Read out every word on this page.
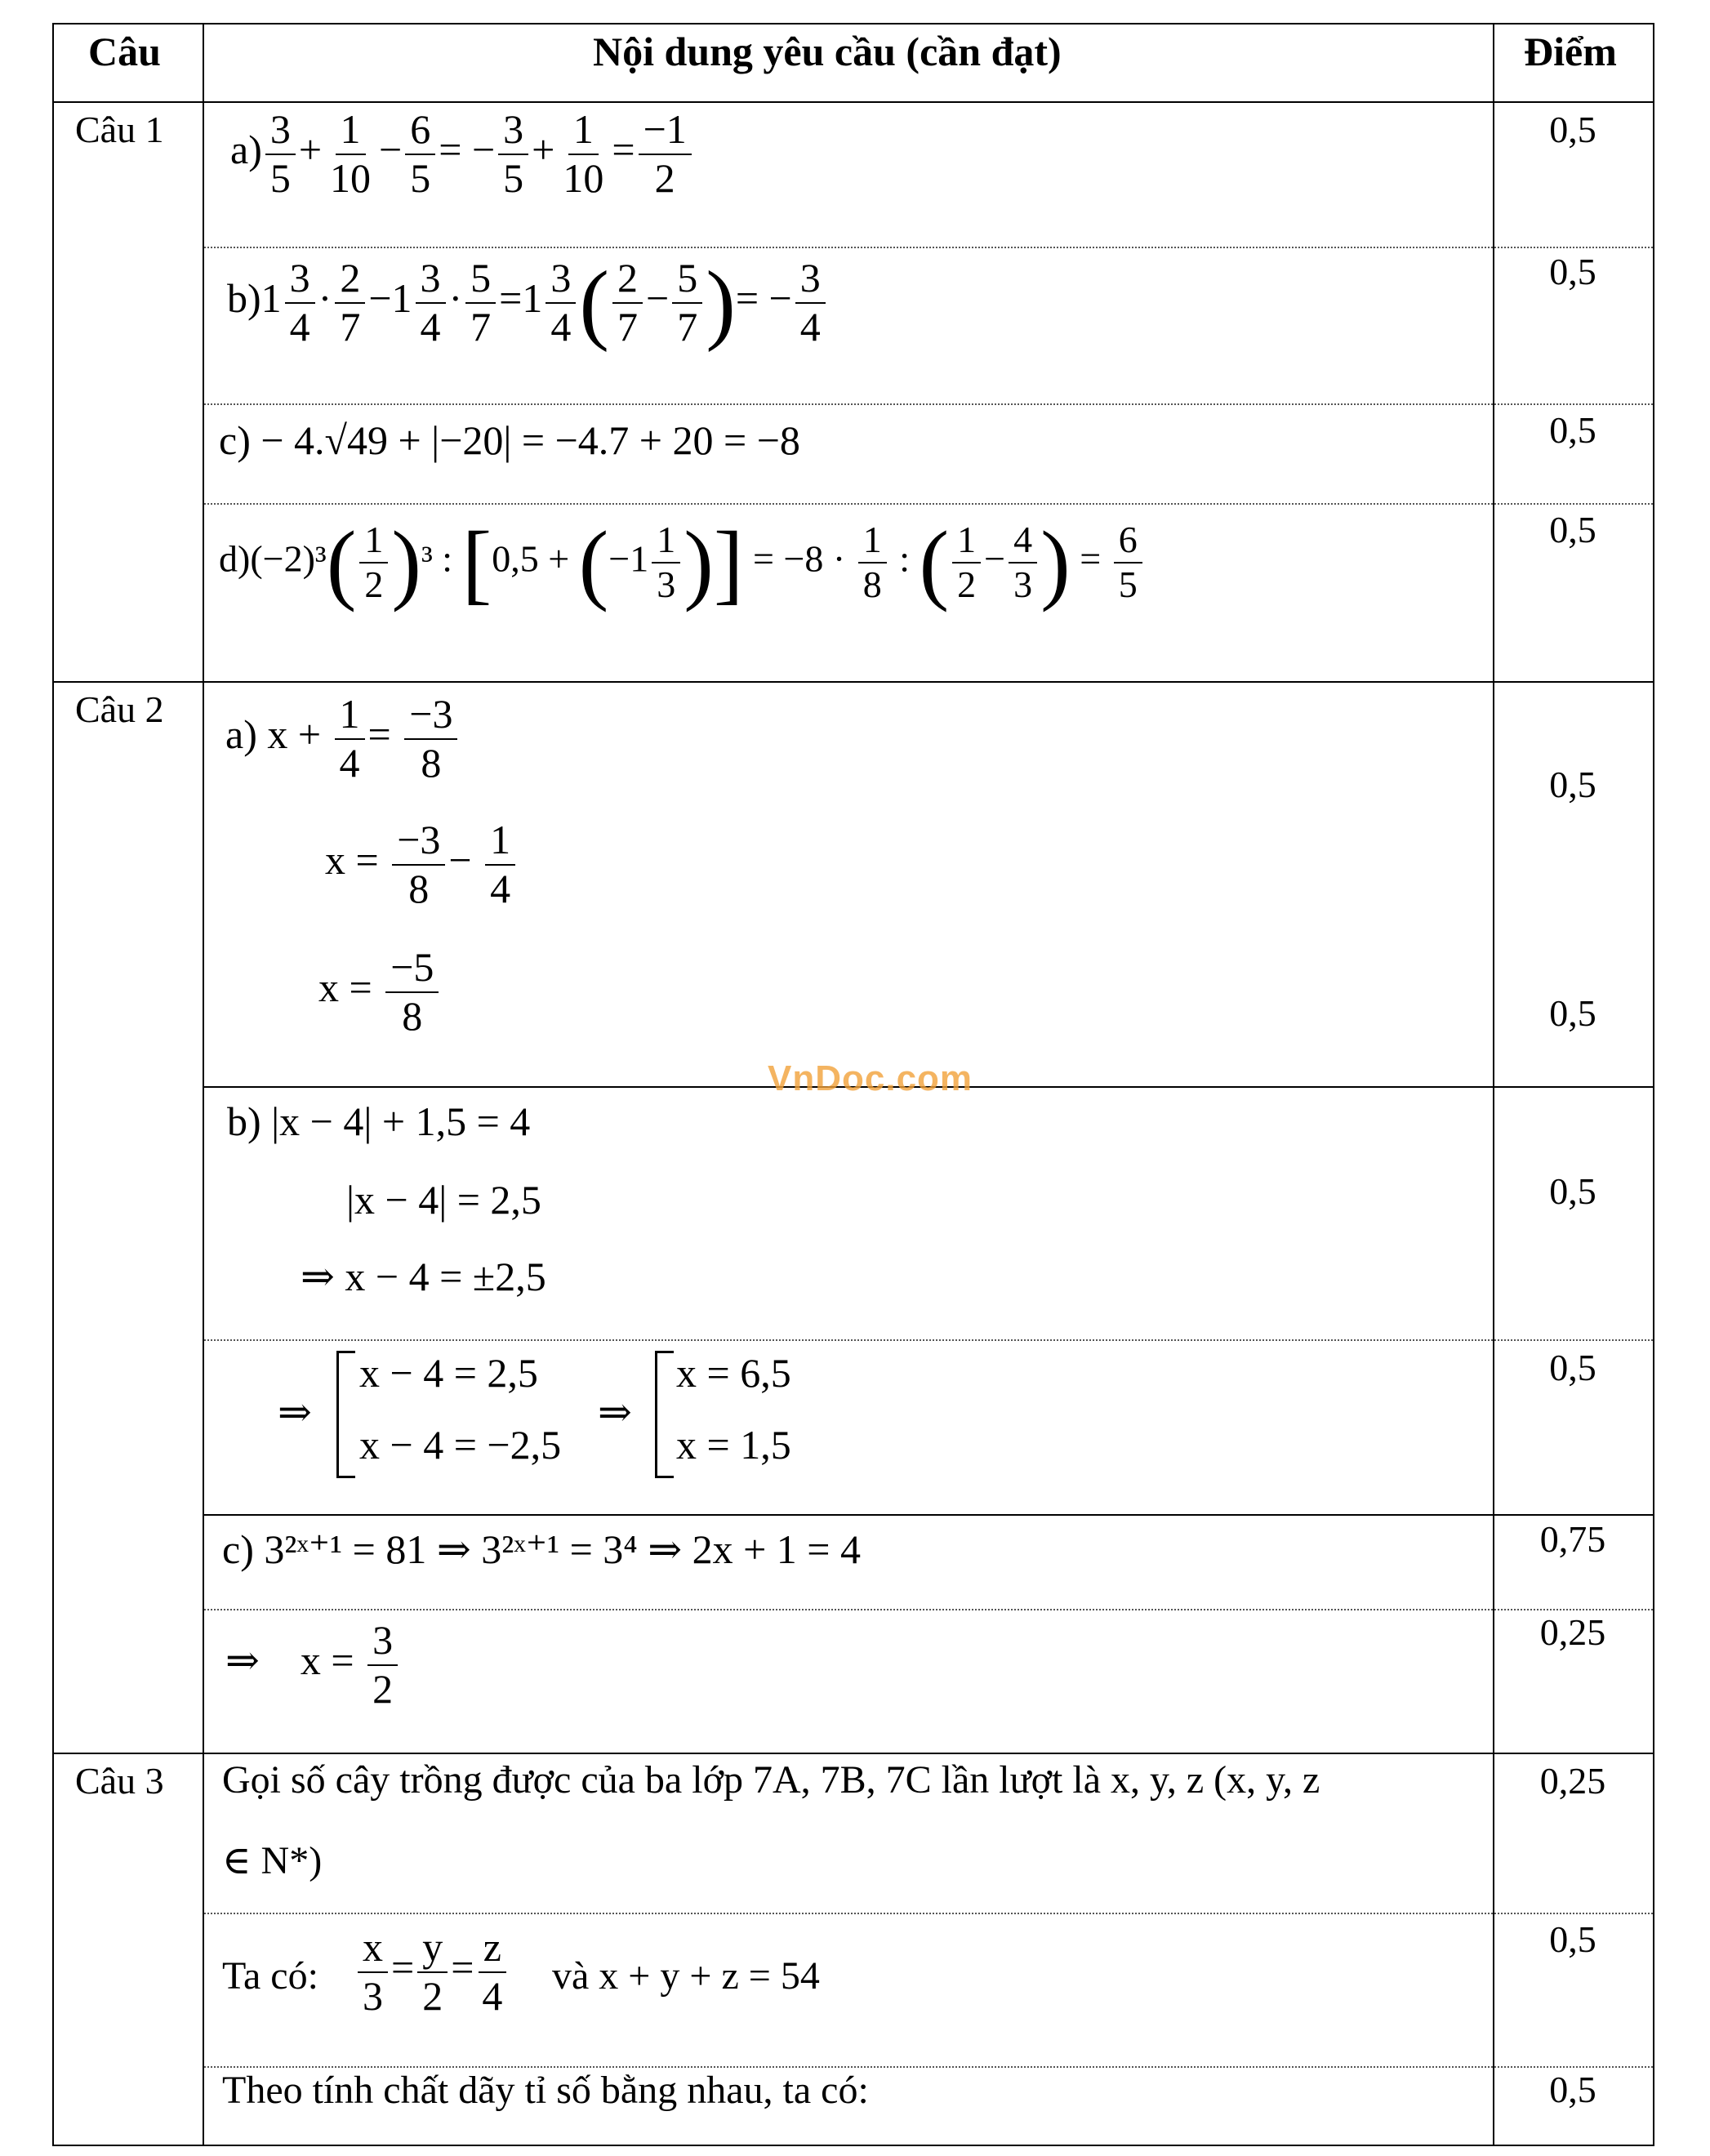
Câu	Nội dung yêu cầu (cần đạt)	Điểm
Câu 1
Câu 2
Câu 3
0,5
0,5
0,5
0,5
0,5
0,5
0,5
0,5
0,75
0,25
0,25
0,5
0,5
$a) \frac{3}{5} + \frac{1}{10} - \frac{6}{5}$ = − $\frac{3}{5} + \frac{1}{10} = \frac{-1}{2}$
$b)1 \frac{3}{4} \cdot \frac{2}{7} -1 \frac{3}{4} \cdot \frac{5}{7} =1 \frac{3}{4}$ ( $\frac{2}{7} - \frac{5}{7}$ )= − $\frac{3}{4}$
c) − 4.√49 + |−20| = −4.7 + 20 = −8
$d)(-2)^3( \frac{1}{2} )^3$ : [$0,5 + (-1 \frac{1}{3}$ )] = $-8 \cdot \frac{1}{8}$ : ( $\frac{1}{2} - \frac{4}{3}$ ) = $\frac{6}{5}$
a) $x + \frac{1}{4} = \frac{-3}{8}$
$x = \frac{-3}{8} - \frac{1}{4}$
$x = \frac{-5}{8}$
VnDoc.com
b) |x − 4| + 1,5 = 4
|x − 4| = 2,5
⇒ x − 4 = ±2,5
⇒
x − 4 = 2,5
x − 4 = −2,5
⇒
x = 6,5
x = 1,5
c) 3²ˣ⁺¹ = 81 ⇒ 3²ˣ⁺¹ = 3⁴ ⇒ 2x + 1 = 4
⇒    $x = \frac{3}{2}$
Gọi số cây trồng được của ba lớp 7A, 7B, 7C lần lượt là x, y, z (x, y, z
∈ N*)
Ta có: $\frac{x}{3} = \frac{y}{2} = \frac{z}{4}$ và x + y + z = 54
Theo tính chất dãy tỉ số bằng nhau, ta có:
